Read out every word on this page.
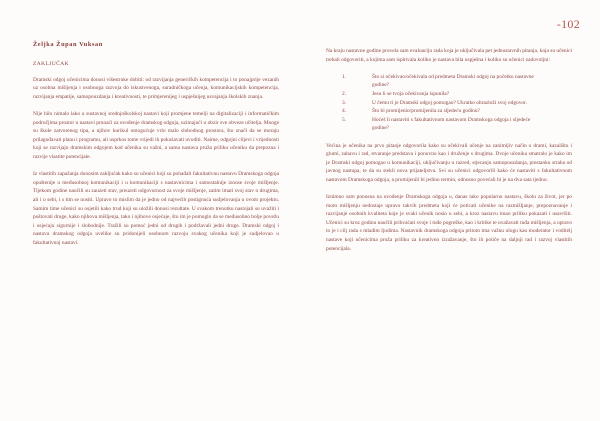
-102
Željka Župan Vuksan
ZAKLJUČAK

Dramski odgoj učenicima donosi višestruke dobiti: od razvijanja generičkih kompetencija i to ponajprije vezanih uz osobna mišljenja i osobnoga razvoja do iskustvenoga, suradničkoga učenja, komunikacijskih kompetencija, razvijanja empatije, samopouzdanja i kreativnosti, te primjerenijeg i uspješnijeg usvajanja školskih znanja.

Nije bilo nimalo lako u sustavnoj srednjoškolskoj nastavi koji promjene temelji na digitalizaciji i informatičkim područjima prostor u nastavi pronaći za uvođenje dramskog odgoja, uzimajući u obzir sve obveze učitelja. Mnoge su škole zatvorenog tipa, a njihov kurikul omogućuje vrlo malo slobodnog prostora, što znači da se moraju prilagođavati planu i programu, ali usprkos tome vrijedi ih pokušavati uvoditi. Naime, odgojni ciljevi i vrijednosti koji se razvijaju dramskim odgojem kod učenika su važni, a sama nastava pruža priliku učeniku da prepozna i razvije vlastite potencijale.

Iz vlastitih zapažanja donosim zaključak kako su učenici koji su pohađali fakultativnu nastavu Dramskoga odgoja opuštenije u međusobnoj komunikaciji i u komunikaciji s nastavnicima i samostalnije iznose svoje mišljenje. Tijekom godine naučili su zauzeti stav, preuzeti odgovornost za svoje mišljenje, zatim imati svoj stav o drugima, ali i o sebi, i s tim se nositi. Upravo to mislim da je jedno od najvećih postignuća sudjelovanja u ovom projektu. Samim time učenici su osjetili kako trud koji su uložili donosi rezultate. U svakom trenutku nastojali su uvažiti i poštovati druge, kako njihova mišljenja, tako i njihove osjećaje, što im je pomoglo da se međusobno bolje povežu i osjećaju sigurnije i slobodnije. Tražili su pomoć jedni od drugih i podržavali jedni druge. Dramski odgoj i nastava dramskog odgoja uvelike su pridonijeli osobnom razvoju svakog učenika koji je sudjelovao u fakultativnoj nastavi.

Na kraju nastavne godine provela sam evaluaciju rada koja je uključivala pet jednostavnih pitanja, koja su učenici trebali odgovoriti, a kojima sam ispitivala koliko je nastava bila uspješna i koliko su učenici zadovoljni:

1.	Što si očekivao/očekivala od predmeta Dramski odgoj na početku nastavne godine?
2.	Jesu li se tvoja očekivanja ispunila?
3.	U čemu ti je Dramski odgoj pomogao? Ukratko obrazloži svoj odgovor.
4.	Što bi promijenio/promijenila za sljedeću godinu?
5.	Hoćeš li nastaviti s fakultativnom nastavom Dramskoga odgoja i sljedeće godine?

Većina je učenika na prvo pitanje odgovorila kako su očekivali učenje na zanimljiv način o drami, kazalištu i glumi, zabavu i rad, stvaranje predstava i ponovno kao i druženje s drugima. Dvoje učenika smatralo je kako im je Dramski odgoj pomogao u komunikaciji, uključivanju u razred, stjecanju samopouzdanja, prestanku straha od javnog nastupa, te da su stekli nova prijateljstva. Svi su učenici odgovorili kako će nastaviti s fakultativnom nastavom Dramskoga odgoja, a promijenili bi jedino termin, odnosno povećali bi je na dva sata tjedno.

Iznimno sam ponosna na uvođenje Dramskoga odgoja u, danas tako popularnu nastavu, školu za život, jer po mom mišljenju nedostaje upravo takvih predmeta koji će poticati učenike na razmišljanje, prepoznavanje i razvijanje osobnih kvaliteta koje je svaki učenik nosio u sebi, a kroz nastavu imao priliku pokazati i usavršiti. Učenici su kroz godinu naučili prihvaćati svoje i tuđe pogreške, kao i kritike te uvažavati tuđa mišljenja, a upravo to je i cilj rada s mladim ljudima. Nastavnik dramskoga odgoja pritom ima važnu ulogu kao moderator i voditelj nastave koji učenicima pruža priliku za kreativno izražavanje, što ih potiče na daljnji rad i razvoj vlastitih potencijala.
